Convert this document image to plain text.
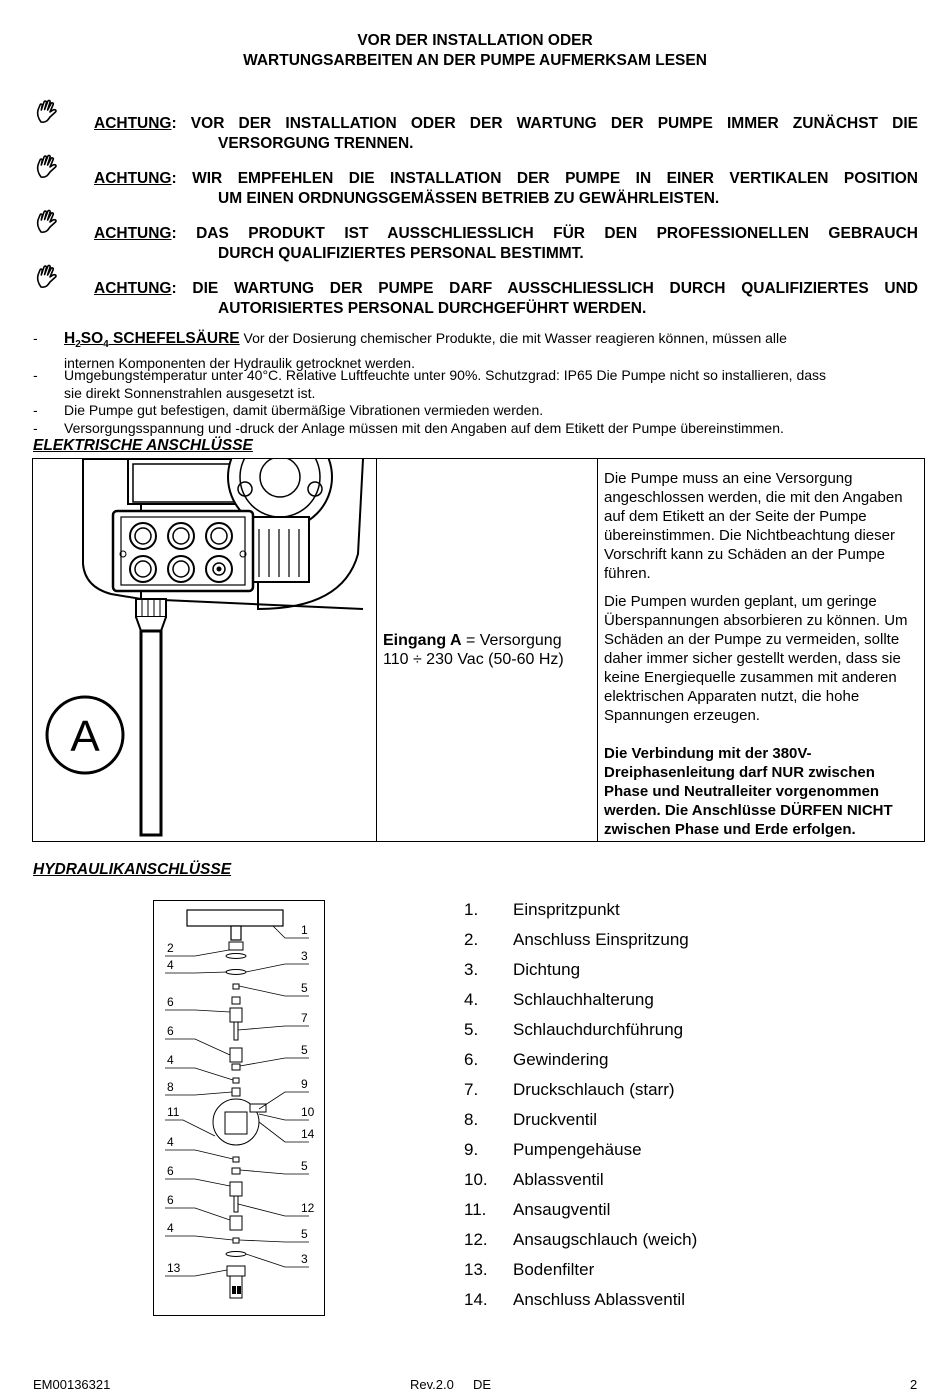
VOR DER INSTALLATION ODER
WARTUNGSARBEITEN AN DER PUMPE AUFMERKSAM LESEN
ACHTUNG: VOR DER INSTALLATION ODER DER WARTUNG DER PUMPE IMMER ZUNÄCHST DIE
VERSORGUNG TRENNEN.
ACHTUNG: WIR EMPFEHLEN DIE INSTALLATION DER PUMPE IN EINER VERTIKALEN POSITION
UM EINEN ORDNUNGSGEMÄSSEN BETRIEB ZU GEWÄHRLEISTEN.
ACHTUNG: DAS PRODUKT IST AUSSCHLIESSLICH FÜR DEN PROFESSIONELLEN GEBRAUCH
DURCH QUALIFIZIERTES PERSONAL BESTIMMT.
ACHTUNG: DIE WARTUNG DER PUMPE DARF AUSSCHLIESSLICH DURCH QUALIFIZIERTES UND
AUTORISIERTES PERSONAL DURCHGEFÜHRT WERDEN.
- $H_2SO_4$ SCHEFELSÄURE Vor der Dosierung chemischer Produkte, die mit Wasser reagieren können, müssen alle
internen Komponenten der Hydraulik getrocknet werden.
- Umgebungstemperatur unter 40°C. Relative Luftfeuchte unter 90%. Schutzgrad: IP65 Die Pumpe nicht so installieren, dass
sie direkt Sonnenstrahlen ausgesetzt ist.
- Die Pumpe gut befestigen, damit übermäßige Vibrationen vermieden werden.
- Versorgungsspannung und -druck der Anlage müssen mit den Angaben auf dem Etikett der Pumpe übereinstimmen.
ELEKTRISCHE ANSCHLÜSSE
A

Eingang A = Versorgung 110 ÷ 230 Vac (50-60 Hz)

Die Pumpe muss an eine Versorgung angeschlossen werden, die mit den Angaben auf dem Etikett an der Seite der Pumpe übereinstimmen. Die Nichtbeachtung dieser Vorschrift kann zu Schäden an der Pumpe führen.
Die Pumpen wurden geplant, um geringe Überspannungen absorbieren zu können. Um Schäden an der Pumpe zu vermeiden, sollte daher immer sicher gestellt werden, dass sie keine Energiequelle zusammen mit anderen elektrischen Apparaten nutzt, die hohe Spannungen erzeugen.
Die Verbindung mit der 380V-Dreiphasenleitung darf NUR zwischen Phase und Neutralleiter vorgenommen werden. Die Anschlüsse DÜRFEN NICHT zwischen Phase und Erde erfolgen.
HYDRAULIKANSCHLÜSSE
2
4
6
6
4
8
11
4
6
6
4
13
1
3
5
7
5
9
10
14
5
12
5
3
1.	Einspritzpunkt
2.	Anschluss Einspritzung
3.	Dichtung
4.	Schlauchhalterung
5.	Schlauchdurchführung
6.	Gewindering
7.	Druckschlauch (starr)
8.	Druckventil
9.	Pumpengehäuse
10.	Ablassventil
11.	Ansaugventil
12.	Ansaugschlauch (weich)
13.	Bodenfilter
14.	Anschluss Ablassventil
EM00136321	Rev.2.0 DE	2
